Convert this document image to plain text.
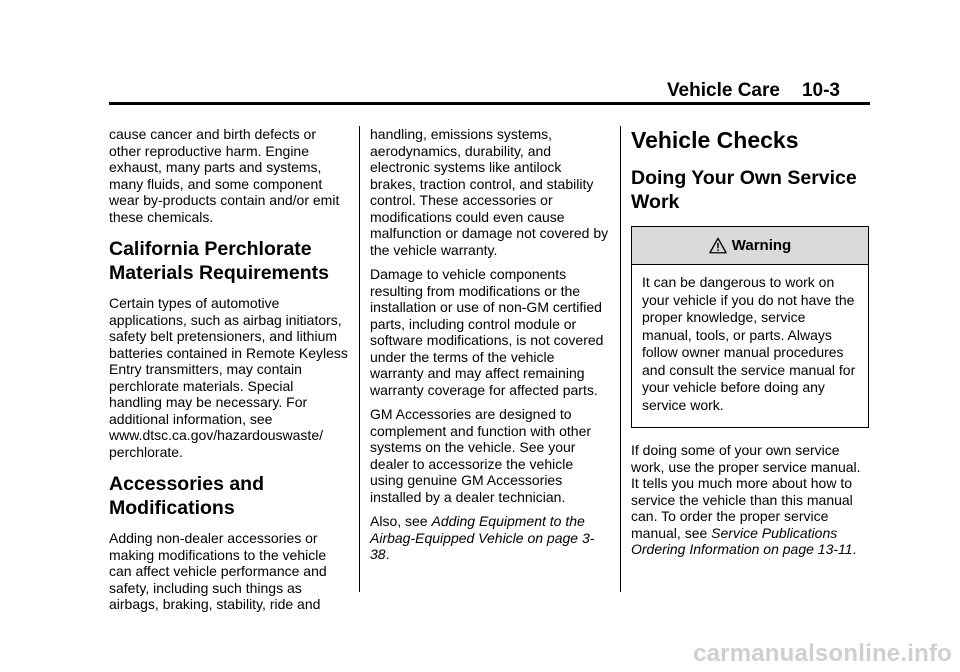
Vehicle Care 10-3

cause cancer and birth defects or other reproductive harm. Engine exhaust, many parts and systems, many fluids, and some component wear by-products contain and/or emit these chemicals.

California Perchlorate Materials Requirements

Certain types of automotive applications, such as airbag initiators, safety belt pretensioners, and lithium batteries contained in Remote Keyless Entry transmitters, may contain perchlorate materials. Special handling may be necessary. For additional information, see www.dtsc.ca.gov/hazardouswaste/ perchlorate.

Accessories and Modifications

Adding non-dealer accessories or making modifications to the vehicle can affect vehicle performance and safety, including such things as airbags, braking, stability, ride and

handling, emissions systems, aerodynamics, durability, and electronic systems like antilock brakes, traction control, and stability control. These accessories or modifications could even cause malfunction or damage not covered by the vehicle warranty.

Damage to vehicle components resulting from modifications or the installation or use of non-GM certified parts, including control module or software modifications, is not covered under the terms of the vehicle warranty and may affect remaining warranty coverage for affected parts.

GM Accessories are designed to complement and function with other systems on the vehicle. See your dealer to accessorize the vehicle using genuine GM Accessories installed by a dealer technician.

Also, see Adding Equipment to the Airbag-Equipped Vehicle on page 3-38.

Vehicle Checks
Doing Your Own Service Work
Warning

It can be dangerous to work on your vehicle if you do not have the proper knowledge, service manual, tools, or parts. Always follow owner manual procedures and consult the service manual for your vehicle before doing any service work.

If doing some of your own service work, use the proper service manual. It tells you much more about how to service the vehicle than this manual can. To order the proper service manual, see Service Publications Ordering Information on page 13-11.

carmanualsonline.info
